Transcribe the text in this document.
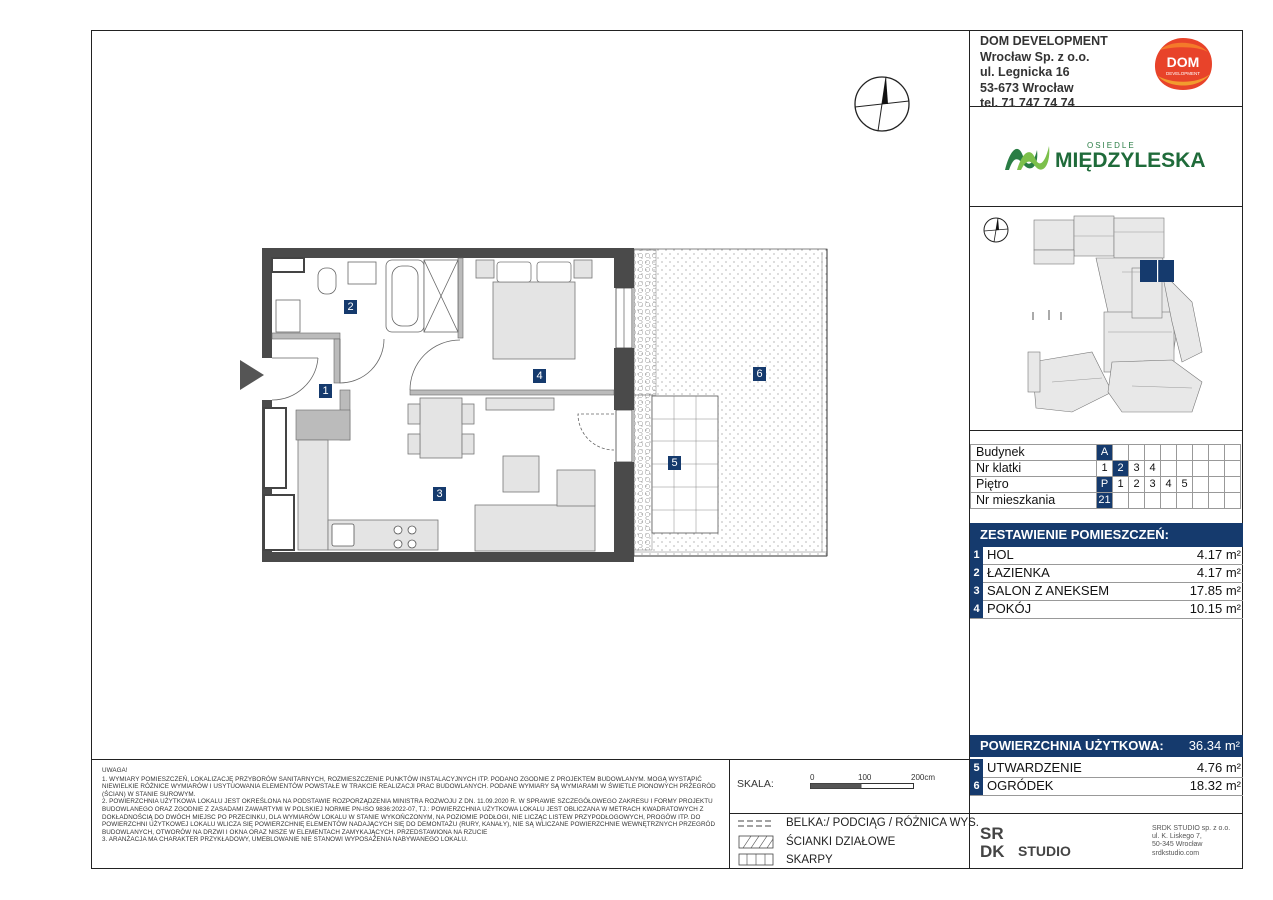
DOM DEVELOPMENT
Wrocław Sp. z o.o.
ul. Legnicka 16
53-673 Wrocław
tel. 71 747 74 74
DOM
DEVELOPMENT
OSIEDLE
MIĘDZYLESKA
Budynek	A								
Nr klatki	1	2	3	4					
Piętro	P	1	2	3	4	5			
Nr mieszkania	21								
ZESTAWIENIE POMIESZCZEŃ:
1 HOL	4.17 m²
2 ŁAZIENKA	4.17 m²
3 SALON Z ANEKSEM	17.85 m²
4 POKÓJ	10.15 m²
POWIERZCHNIA UŻYTKOWA: 36.34 m²
5 UTWARDZENIE	4.76 m²
6 OGRÓDEK	18.32 m²
2
1
4	6
5
3
UWAGA!
1. WYMIARY POMIESZCZEŃ, LOKALIZACJĘ PRZYBORÓW SANITARNYCH, ROZMIESZCZENIE PUNKTÓW INSTALACYJNYCH ITP. PODANO ZGODNIE Z PROJEKTEM BUDOWLANYM. MOGĄ WYSTĄPIĆ NIEWIELKIE RÓŻNICE WYMIARÓW I USYTUOWANIA ELEMENTÓW POWSTAŁE W TRAKCIE REALIZACJI PRAC BUDOWLANYCH. PODANE WYMIARY SĄ WYMIARAMI W ŚWIETLE PIONOWYCH PRZEGRÓD (ŚCIAN) W STANIE SUROWYM.
2. POWIERZCHNIA UŻYTKOWA LOKALU JEST OKREŚLONA NA PODSTAWIE ROZPORZĄDZENIA MINISTRA ROZWOJU Z DN. 11.09.2020 R. W SPRAWIE SZCZEGÓŁOWEGO ZAKRESU I FORMY PROJEKTU BUDOWLANEGO ORAZ ZGODNIE Z ZASADAMI ZAWARTYMI W POLSKIEJ NORMIE PN-ISO 9836:2022-07, TJ.: POWIERZCHNIA UŻYTKOWA LOKALU JEST OBLICZANA W METRACH KWADRATOWYCH Z DOKŁADNOŚCIĄ DO DWÓCH MIEJSC PO PRZECINKU, DLA WYMIARÓW LOKALU W STANIE WYKOŃCZONYM, NA POZIOMIE PODŁOGI, NIE LICZĄC LISTEW PRZYPODŁOGOWYCH, PROGÓW ITP. DO POWIERZCHNI UŻYTKOWEJ LOKALU WLICZA SIĘ POWIERZCHNIĘ ELEMENTÓW NADAJĄCYCH SIĘ DO DEMONTAŻU (RURY, KANAŁY), NIE SĄ WLICZANE POWIERZCHNIE WEWNĘTRZNYCH PRZEGRÓD BUDOWLANYCH, OTWORÓW NA DRZWI I OKNA ORAZ NISZE W ELEMENTACH ZAMYKAJĄCYCH. PRZEDSTAWIONA NA RZUCIE
3. ARANŻACJA MA CHARAKTER PRZYKŁADOWY, UMEBLOWANIE NIE STANOWI WYPOSAŻENIA NABYWANEGO LOKALU.
SKALA:
0	100	200cm
BELKA:/ PODCIĄG / RÓŻNICA WYS.
ŚCIANKI DZIAŁOWE
SKARPY
SR
DK STUDIO
SRDK STUDIO sp. z o.o.
ul. K. Liskego 7,
50-345 Wrocław
srdkstudio.com
